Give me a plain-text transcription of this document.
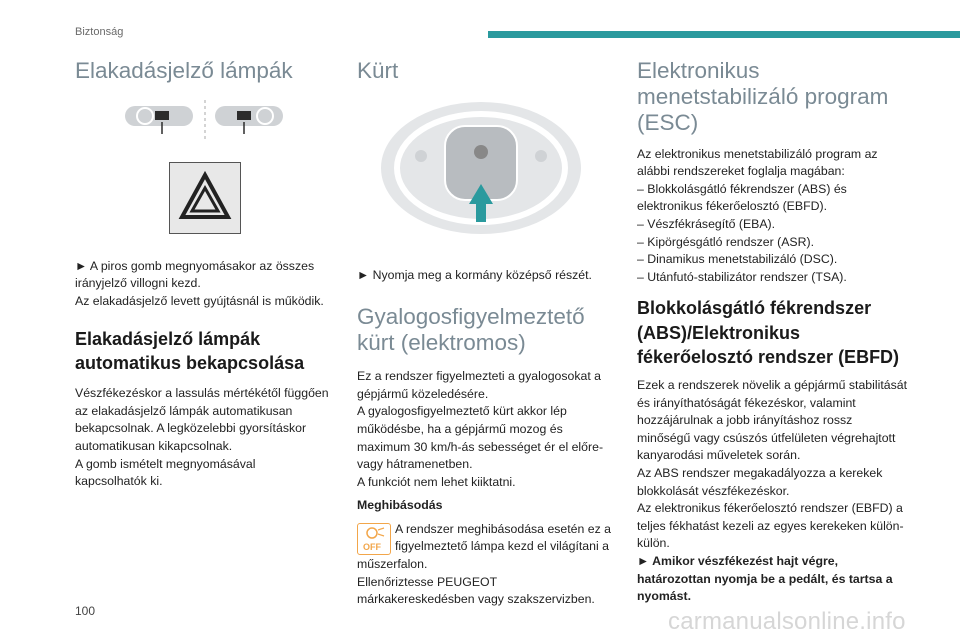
Biztonság
Elakadásjelző lámpák

► A piros gomb megnyomásakor az összes irányjelző villogni kezd.

Az elakadásjelző levett gyújtásnál is működik.

Elakadásjelző lámpák automatikus bekapcsolása

Vészfékezéskor a lassulás mértékétől függően az elakadásjelző lámpák automatikusan bekapcsolnak. A legközelebbi gyorsításkor automatikusan kikapcsolnak.

A gomb ismételt megnyomásával kapcsolhatók ki.

Kürt

► Nyomja meg a kormány középső részét.

Gyalogosfigyelmeztető kürt (elektromos)

Ez a rendszer figyelmezteti a gyalogosokat a gépjármű közeledésére.

A gyalogosfigyelmeztető kürt akkor lép működésbe, ha a gépjármű mozog és maximum 30 km/h-ás sebességet ér el előre- vagy hátramenetben.

A funkciót nem lehet kiiktatni.

Meghibásodás

OFF

A rendszer meghibásodása esetén ez a figyelmeztető lámpa kezd el világítani a műszerfalon.

Ellenőriztesse PEUGEOT márkakereskedésben vagy szakszervizben.

Elektronikus menetstabilizáló program (ESC)

Az elektronikus menetstabilizáló program az alábbi rendszereket foglalja magában:

– Blokkolásgátló fékrendszer (ABS) és elektronikus fékerőelosztó (EBFD).

– Vészfékrásegítő (EBA).

– Kipörgésgátló rendszer (ASR).

– Dinamikus menetstabilizáló (DSC).

– Utánfutó-stabilizátor rendszer (TSA).

Blokkolásgátló fékrendszer (ABS)/Elektronikus fékerőelosztó rendszer (EBFD)

Ezek a rendszerek növelik a gépjármű stabilitását és irányíthatóságát fékezéskor, valamint hozzájárulnak a jobb irányításhoz rossz minőségű vagy csúszós útfelületen végrehajtott kanyarodási műveletek során.

Az ABS rendszer megakadályozza a kerekek blokkolását vészfékezéskor.

Az elektronikus fékerőelosztó rendszer (EBFD) a teljes fékhatást kezeli az egyes kerekeken külön-külön.

► Amikor vészfékezést hajt végre, határozottan nyomja be a pedált, és tartsa a nyomást.

100	carmanualsonline.info
